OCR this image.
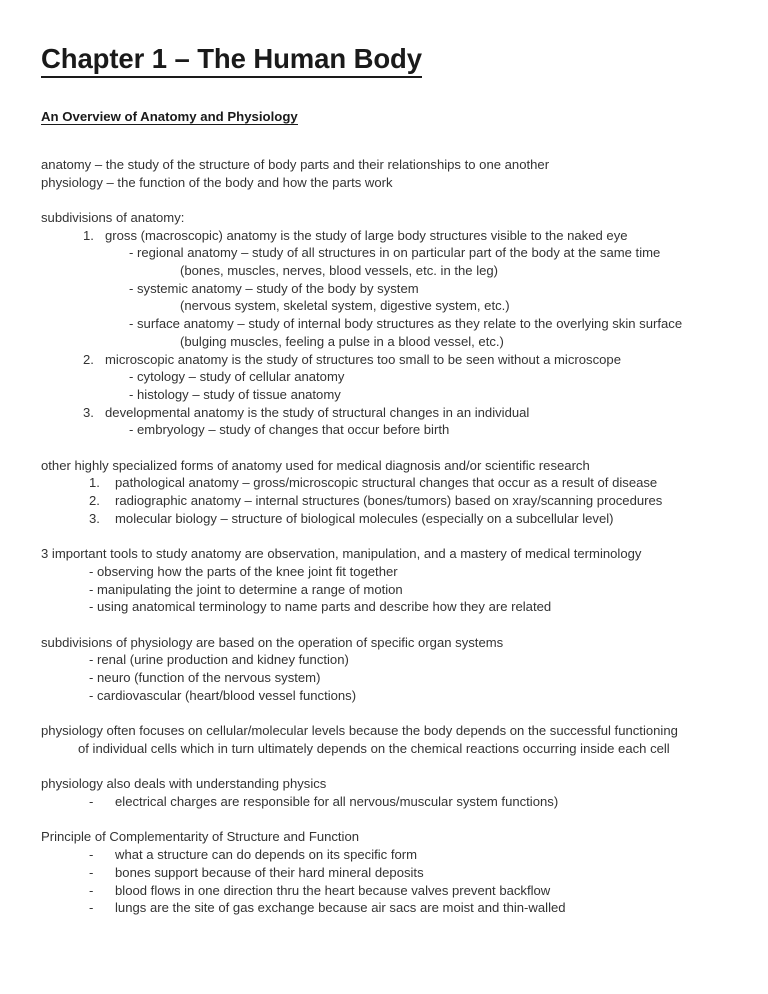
Chapter 1 – The Human Body
An Overview of Anatomy and Physiology
anatomy – the study of the structure of body parts and their relationships to one another
physiology – the function of the body and how the parts work
subdivisions of anatomy:
1. gross (macroscopic) anatomy is the study of large body structures visible to the naked eye
- regional anatomy – study of all structures in on particular part of the body at the same time
(bones, muscles, nerves, blood vessels, etc. in the leg)
- systemic anatomy – study of the body by system
(nervous system, skeletal system, digestive system, etc.)
- surface anatomy – study of internal body structures as they relate to the overlying skin surface
(bulging muscles, feeling a pulse in a blood vessel, etc.)
2. microscopic anatomy is the study of structures too small to be seen without a microscope
- cytology – study of cellular anatomy
- histology – study of tissue anatomy
3. developmental anatomy is the study of structural changes in an individual
- embryology – study of changes that occur before birth
other highly specialized forms of anatomy used for medical diagnosis and/or scientific research
1. pathological anatomy – gross/microscopic structural changes that occur as a result of disease
2. radiographic anatomy – internal structures (bones/tumors) based on xray/scanning procedures
3. molecular biology – structure of biological molecules (especially on a subcellular level)
3 important tools to study anatomy are observation, manipulation, and a mastery of medical terminology
- observing how the parts of the knee joint fit together
- manipulating the joint to determine a range of motion
- using anatomical terminology to name parts and describe how they are related
subdivisions of physiology are based on the operation of specific organ systems
- renal (urine production and kidney function)
- neuro (function of the nervous system)
- cardiovascular (heart/blood vessel functions)
physiology often focuses on cellular/molecular levels because the body depends on the successful functioning
of individual cells which in turn ultimately depends on the chemical reactions occurring inside each cell
physiology also deals with understanding physics
- electrical charges are responsible for all nervous/muscular system functions)
Principle of Complementarity of Structure and Function
- what a structure can do depends on its specific form
- bones support because of their hard mineral deposits
- blood flows in one direction thru the heart because valves prevent backflow
- lungs are the site of gas exchange because air sacs are moist and thin-walled
